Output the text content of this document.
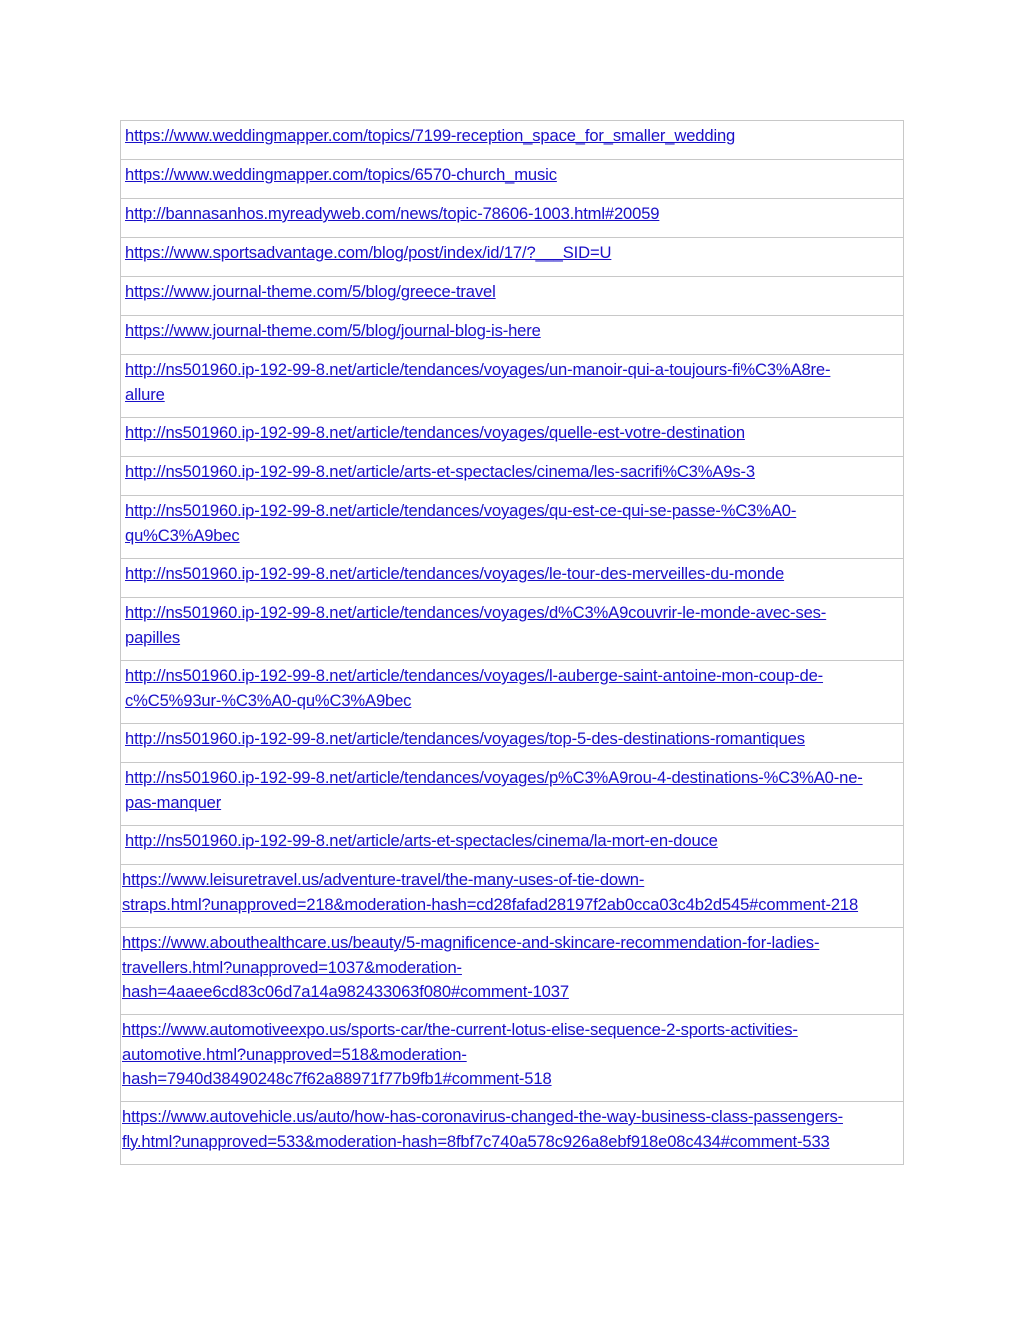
https://www.weddingmapper.com/topics/7199-reception_space_for_smaller_wedding
https://www.weddingmapper.com/topics/6570-church_music
http://bannasanhos.myreadyweb.com/news/topic-78606-1003.html#20059
https://www.sportsadvantage.com/blog/post/index/id/17/?___SID=U
https://www.journal-theme.com/5/blog/greece-travel
https://www.journal-theme.com/5/blog/journal-blog-is-here
http://ns501960.ip-192-99-8.net/article/tendances/voyages/un-manoir-qui-a-toujours-fi%C3%A8re-
allure
http://ns501960.ip-192-99-8.net/article/tendances/voyages/quelle-est-votre-destination
http://ns501960.ip-192-99-8.net/article/arts-et-spectacles/cinema/les-sacrifi%C3%A9s-3
http://ns501960.ip-192-99-8.net/article/tendances/voyages/qu-est-ce-qui-se-passe-%C3%A0-
qu%C3%A9bec
http://ns501960.ip-192-99-8.net/article/tendances/voyages/le-tour-des-merveilles-du-monde
http://ns501960.ip-192-99-8.net/article/tendances/voyages/d%C3%A9couvrir-le-monde-avec-ses-
papilles
http://ns501960.ip-192-99-8.net/article/tendances/voyages/l-auberge-saint-antoine-mon-coup-de-
c%C5%93ur-%C3%A0-qu%C3%A9bec
http://ns501960.ip-192-99-8.net/article/tendances/voyages/top-5-des-destinations-romantiques
http://ns501960.ip-192-99-8.net/article/tendances/voyages/p%C3%A9rou-4-destinations-%C3%A0-ne-
pas-manquer
http://ns501960.ip-192-99-8.net/article/arts-et-spectacles/cinema/la-mort-en-douce
https://www.leisuretravel.us/adventure-travel/the-many-uses-of-tie-down-
straps.html?unapproved=218&moderation-hash=cd28fafad28197f2ab0cca03c4b2d545#comment-218
https://www.abouthealthcare.us/beauty/5-magnificence-and-skincare-recommendation-for-ladies-
travellers.html?unapproved=1037&moderation-
hash=4aaee6cd83c06d7a14a982433063f080#comment-1037
https://www.automotiveexpo.us/sports-car/the-current-lotus-elise-sequence-2-sports-activities-
automotive.html?unapproved=518&moderation-
hash=7940d38490248c7f62a88971f77b9fb1#comment-518
https://www.autovehicle.us/auto/how-has-coronavirus-changed-the-way-business-class-passengers-
fly.html?unapproved=533&moderation-hash=8fbf7c740a578c926a8ebf918e08c434#comment-533
